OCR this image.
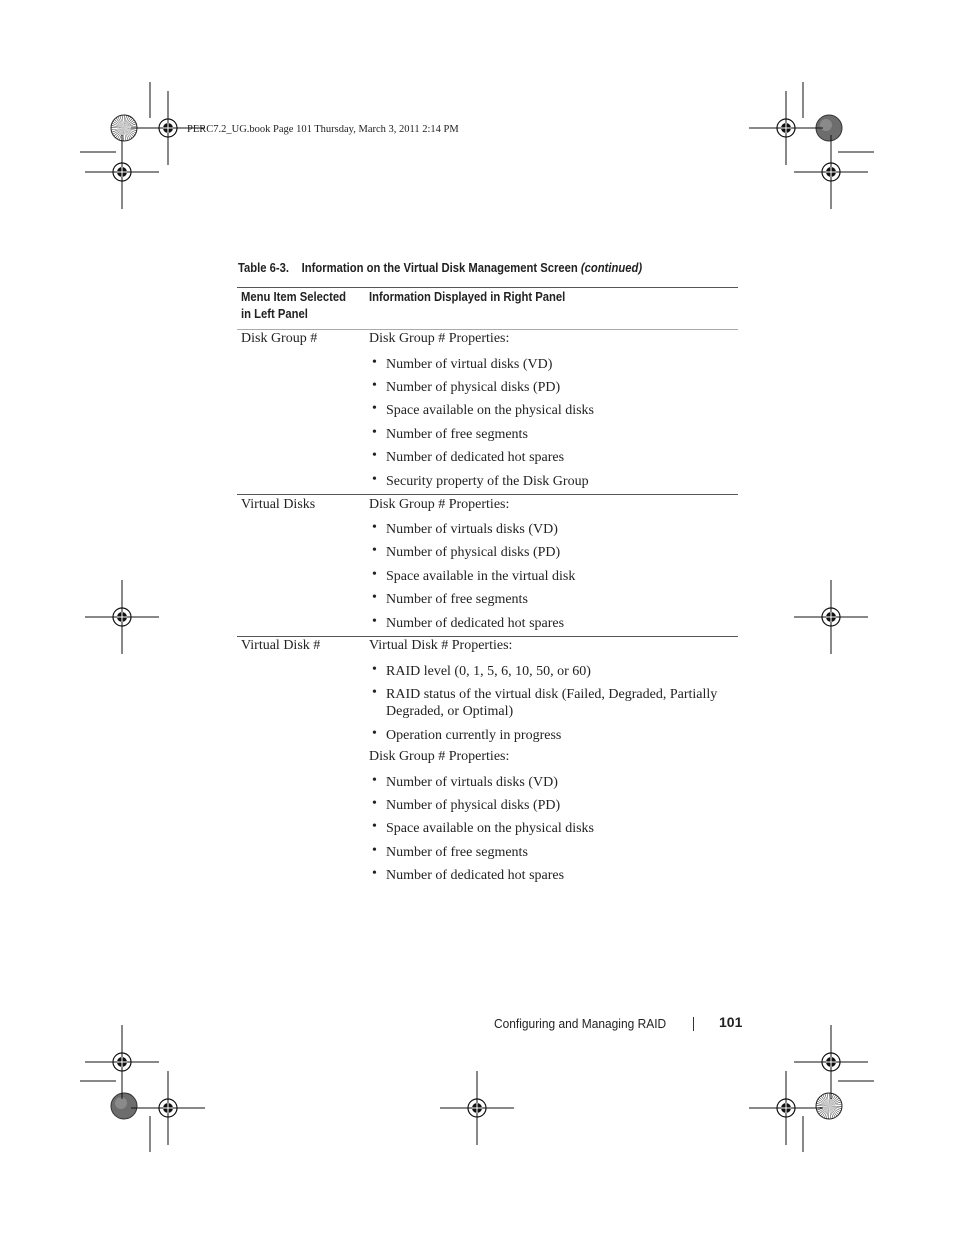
PERC7.2_UG.book Page 101 Thursday, March 3, 2011 2:14 PM
Table 6-3. Information on the Virtual Disk Management Screen (continued)
Menu Item Selected
in Left Panel
Information Displayed in Right Panel
Disk Group #	Disk Group # Properties:
• Number of virtual disks (VD)
• Number of physical disks (PD)
• Space available on the physical disks
• Number of free segments
• Number of dedicated hot spares
• Security property of the Disk Group
Virtual Disks	Disk Group # Properties:
• Number of virtuals disks (VD)
• Number of physical disks (PD)
• Space available in the virtual disk
• Number of free segments
• Number of dedicated hot spares
Virtual Disk #	Virtual Disk # Properties:
• RAID level (0, 1, 5, 6, 10, 50, or 60)
• RAID status of the virtual disk (Failed, Degraded, Partially
Degraded, or Optimal)
• Operation currently in progress
Disk Group # Properties:
• Number of virtuals disks (VD)
• Number of physical disks (PD)
• Space available on the physical disks
• Number of free segments
• Number of dedicated hot spares
Configuring and Managing RAID	101
